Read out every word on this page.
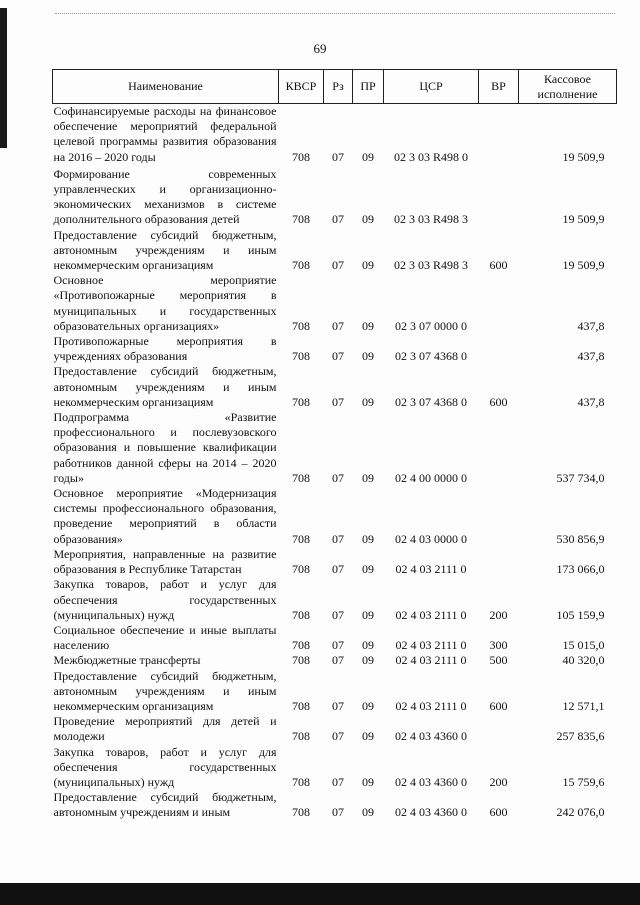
69
Наименование	КВСР	Рз	ПР	ЦСР	ВР	Кассовое исполнение
Софинансируемые расходы на финансовое обеспечение мероприятий федеральной целевой программы развития образования на 2016 – 2020 годы	708	07	09	02 3 03 R498 0		19 509,9
Формирование современных управленческих и организационно-экономических механизмов в системе дополнительного образования детей	708	07	09	02 3 03 R498 3		19 509,9
Предоставление субсидий бюджетным, автономным учреждениям и иным некоммерческим организациям	708	07	09	02 3 03 R498 3	600	19 509,9
Основное мероприятие «Противопожарные мероприятия в муниципальных и государственных образовательных организациях»	708	07	09	02 3 07 0000 0		437,8
Противопожарные мероприятия в учреждениях образования	708	07	09	02 3 07 4368 0		437,8
Предоставление субсидий бюджетным, автономным учреждениям и иным некоммерческим организациям	708	07	09	02 3 07 4368 0	600	437,8
Подпрограмма «Развитие профессионального и послевузовского образования и повышение квалификации работников данной сферы на 2014 – 2020 годы»	708	07	09	02 4 00 0000 0		537 734,0
Основное мероприятие «Модернизация системы профессионального образования, проведение мероприятий в области образования»	708	07	09	02 4 03 0000 0		530 856,9
Мероприятия, направленные на развитие образования в Республике Татарстан	708	07	09	02 4 03 2111 0		173 066,0
Закупка товаров, работ и услуг для обеспечения государственных (муниципальных) нужд	708	07	09	02 4 03 2111 0	200	105 159,9
Социальное обеспечение и иные выплаты населению	708	07	09	02 4 03 2111 0	300	15 015,0
Межбюджетные трансферты	708	07	09	02 4 03 2111 0	500	40 320,0
Предоставление субсидий бюджетным, автономным учреждениям и иным некоммерческим организациям	708	07	09	02 4 03 2111 0	600	12 571,1
Проведение мероприятий для детей и молодежи	708	07	09	02 4 03 4360 0		257 835,6
Закупка товаров, работ и услуг для обеспечения государственных (муниципальных) нужд	708	07	09	02 4 03 4360 0	200	15 759,6
Предоставление субсидий бюджетным, автономным учреждениям и иным	708	07	09	02 4 03 4360 0	600	242 076,0
